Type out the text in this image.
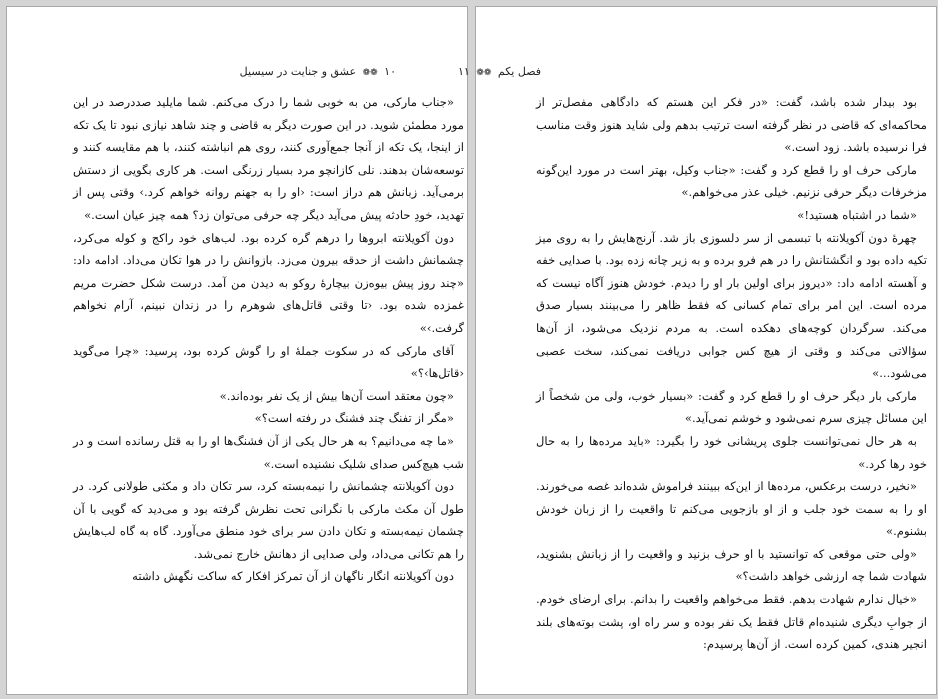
۱۰ ❁❁ عشق و جنایت در سیسیل

«جناب مارکی، من به خوبی شما را درک می‌کنم. شما مایلید صددرصد در این مورد مطمئن شوید. در این صورت دیگر به قاضی و چند شاهد نیازی نبود تا یک تکه از اینجا، یک تکه از آنجا جمع‌آوری کنند، روی هم انباشته کنند، با هم مقایسه کنند و توسعه‌شان بدهند. نلی کازانچو مرد بسیار زرنگی است. هر کاری بگویی از دستش برمی‌آید. زبانش هم دراز است: ‹او را به جهنم روانه خواهم کرد.› وقتی پس از تهدید، خودِ حادثه پیش می‌آید دیگر چه حرفی می‌توان زد؟ همه چیز عیان است.»

دون آکویلانته ابروها را درهم گره کرده بود. لب‌های خود راکج و کوله می‌کرد، چشمانش داشت از حدقه بیرون می‌زد. بازوانش را در هوا تکان می‌داد. ادامه داد: «چند روز پیش بیوه‌زن بیچارهٔ روکو به دیدن من آمد. درست شکل حضرت مریم غمزده شده بود. ‹تا وقتی قاتل‌های شوهرم را در زندان نبینم، آرام نخواهم گرفت.›»

آقای مارکی که در سکوت جملهٔ او را گوش کرده بود، پرسید: «چرا می‌گوید ‹قاتل‌ها›؟»

«چون معتقد است آن‌ها بیش از یک نفر بوده‌اند.»

«مگر از تفنگ چند فشنگ در رفته است؟»

«ما چه می‌دانیم؟ به هر حال یکی از آن فشنگ‌ها او را به قتل رسانده است و در شب هیچ‌کس صدای شلیک نشنیده است.»

دون آکویلانته چشمانش را نیمه‌بسته کرد، سر تکان داد و مکثی طولانی کرد. در طول آن مکث مارکی با نگرانی تحت نظرش گرفته بود و می‌دید که گویی با آن چشمان نیمه‌بسته و تکان دادن سر برای خود منطق می‌آورد. گاه به گاه لب‌هایش را هم تکانی می‌داد، ولی صدایی از دهانش خارج نمی‌شد.

دون آکویلانته انگار ناگهان از آن تمرکز افکار که ساکت نگهش داشته

فصل یکم ❁❁ ۱۱

بود بیدار شده باشد، گفت: «در فکر این هستم که دادگاهی مفصل‌تر از محاکمه‌ای که قاضی در نظر گرفته است ترتیب بدهم ولی شاید هنوز وقت مناسب فرا نرسیده باشد. زود است.»

مارکی حرف او را قطع کرد و گفت: «جناب وکیل، بهتر است در مورد این‌گونه مزخرفات دیگر حرفی نزنیم. خیلی عذر می‌خواهم.»

«شما در اشتباه هستید!»

چهرهٔ دون آکویلانته با تبسمی از سر دلسوزی باز شد. آرنج‌هایش را به روی میز تکیه داده بود و انگشتانش را در هم فرو برده و به زیر چانه زده بود. با صدایی خفه و آهسته ادامه داد: «دیروز برای اولین بار او را دیدم. خودش هنوز آگاه نیست که مرده است. این امر برای تمام کسانی که فقط ظاهر را می‌بینند بسیار صدق می‌کند. سرگردان کوچه‌های دهکده است. به مردم نزدیک می‌شود، از آن‌ها سؤالاتی می‌کند و وقتی از هیچ کس جوابی دریافت نمی‌کند، سخت عصبی می‌شود...»

مارکی بار دیگر حرف او را قطع کرد و گفت: «بسیار خوب، ولی من شخصاً از این مسائل چیزی سرم نمی‌شود و خوشم نمی‌آید.»

به هر حال نمی‌توانست جلوی پریشانی خود را بگیرد: «باید مرده‌ها را به حال خود رها کرد.»

«نخیر، درست برعکس، مرده‌ها از این‌که ببینند فراموش شده‌اند غصه می‌خورند. او را به سمت خود جلب و از او بازجویی می‌کنم تا واقعیت را از زبان خودش بشنوم.»

«ولی حتی موقعی که توانستید با او حرف بزنید و واقعیت را از زبانش بشنوید، شهادت شما چه ارزشی خواهد داشت؟»

«خیال ندارم شهادت بدهم. فقط می‌خواهم واقعیت را بدانم. برای ارضای خودم. از جوابِ دیگری شنیده‌ام قاتل فقط یک نفر بوده و سر راه او، پشت بوته‌های بلند انجیر هندی، کمین کرده است. از آن‌ها پرسیدم:
